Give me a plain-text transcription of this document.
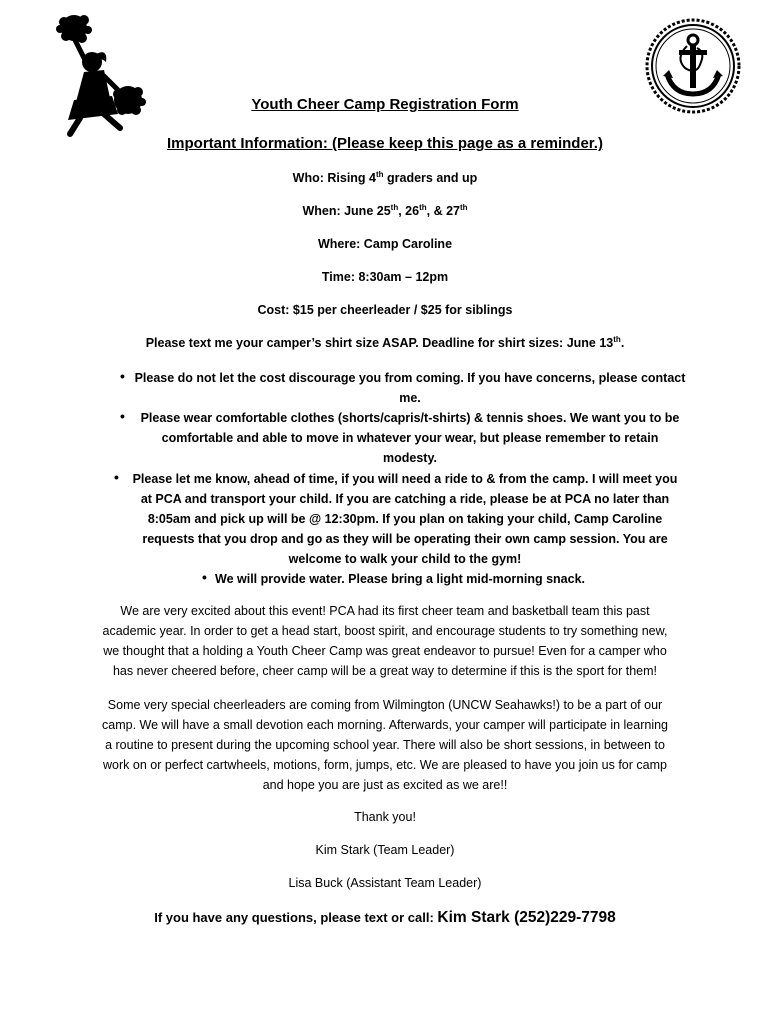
Youth Cheer Camp Registration Form
Important Information: (Please keep this page as a reminder.)
Who: Rising 4th graders and up
When: June 25th, 26th, & 27th
Where: Camp Caroline
Time: 8:30am – 12pm
Cost: $15 per cheerleader / $25 for siblings
Please text me your camper’s shirt size ASAP. Deadline for shirt sizes: June 13th.
• Please do not let the cost discourage you from coming. If you have concerns, please contact
me.
•	Please wear comfortable clothes (shorts/capris/t-shirts) & tennis shoes. We want you to be
comfortable and able to move in whatever your wear, but please remember to retain
modesty.
•	Please let me know, ahead of time, if you will need a ride to & from the camp. I will meet you
at PCA and transport your child. If you are catching a ride, please be at PCA no later than
8:05am and pick up will be @ 12:30pm. If you plan on taking your child, Camp Caroline
requests that you drop and go as they will be operating their own camp session. You are
welcome to walk your child to the gym!
• We will provide water. Please bring a light mid-morning snack.
We are very excited about this event! PCA had its first cheer team and basketball team this past
academic year. In order to get a head start, boost spirit, and encourage students to try something new,
we thought that a holding a Youth Cheer Camp was great endeavor to pursue! Even for a camper who
has never cheered before, cheer camp will be a great way to determine if this is the sport for them!
Some very special cheerleaders are coming from Wilmington (UNCW Seahawks!) to be a part of our
camp. We will have a small devotion each morning. Afterwards, your camper will participate in learning
a routine to present during the upcoming school year. There will also be short sessions, in between to
work on or perfect cartwheels, motions, form, jumps, etc. We are pleased to have you join us for camp
and hope you are just as excited as we are!!
Thank you!
Kim Stark (Team Leader)
Lisa Buck (Assistant Team Leader)
If you have any questions, please text or call: Kim Stark (252)229-7798
